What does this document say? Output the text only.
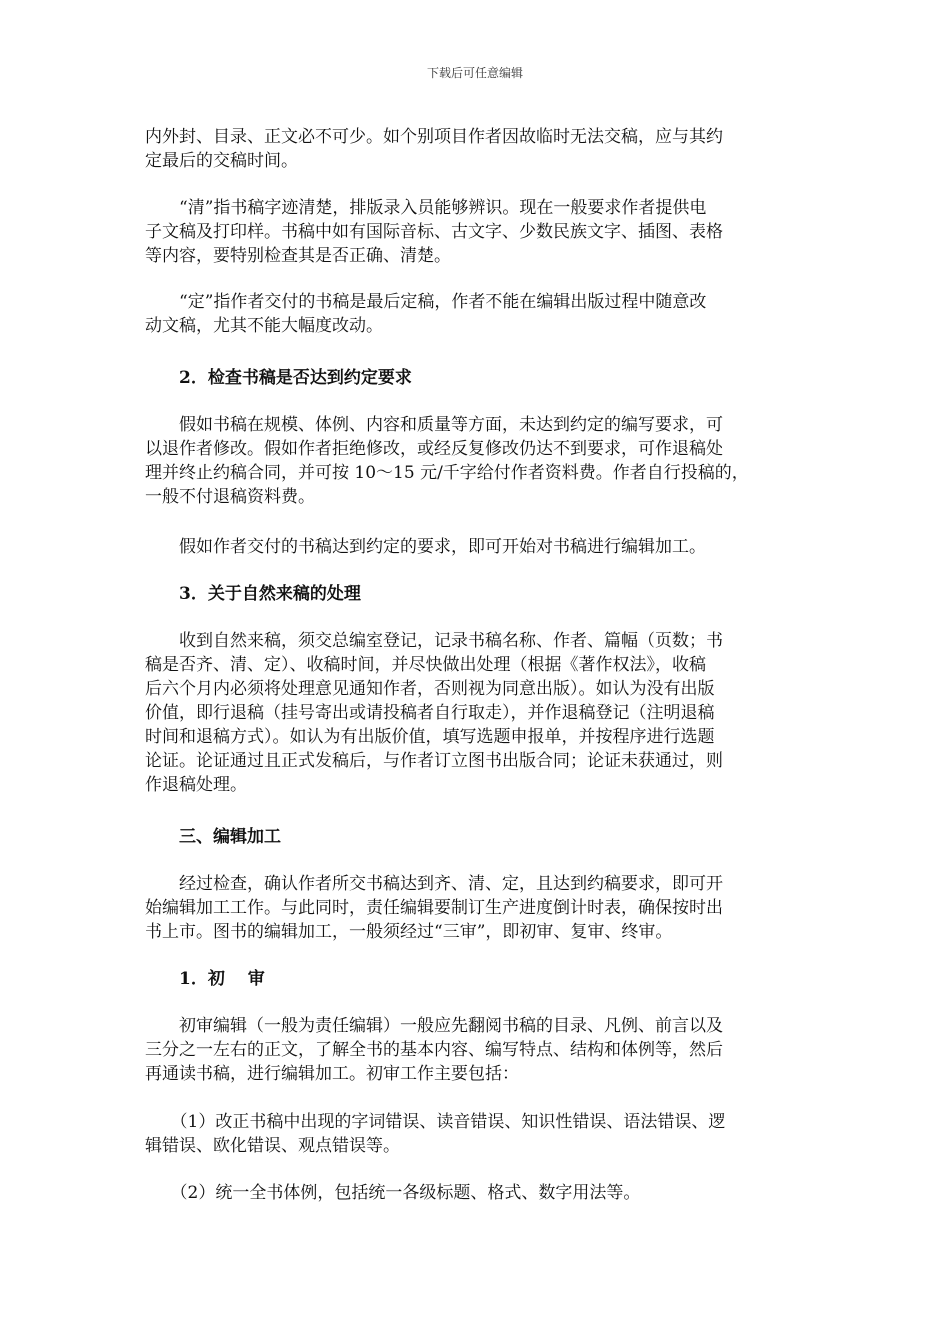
下载后可任意编辑
内外封、目录、正文必不可少。如个别项目作者因故临时无法交稿，应与其约
定最后的交稿时间。
　　“清”指书稿字迹清楚，排版录入员能够辨识。现在一般要求作者提供电
子文稿及打印样。书稿中如有国际音标、古文字、少数民族文字、插图、表格
等内容，要特别检查其是否正确、清楚。
　　“定”指作者交付的书稿是最后定稿，作者不能在编辑出版过程中随意改
动文稿，尤其不能大幅度改动。
　　2．检查书稿是否达到约定要求
　　假如书稿在规模、体例、内容和质量等方面，未达到约定的编写要求，可
以退作者修改。假如作者拒绝修改，或经反复修改仍达不到要求，可作退稿处
理并终止约稿合同，并可按 10～15 元/千字给付作者资料费。作者自行投稿的，
一般不付退稿资料费。
　　假如作者交付的书稿达到约定的要求，即可开始对书稿进行编辑加工。
　　3．关于自然来稿的处理
　　收到自然来稿，须交总编室登记，记录书稿名称、作者、篇幅（页数；书
稿是否齐、清、定）、收稿时间，并尽快做出处理（根据《著作权法》，收稿
后六个月内必须将处理意见通知作者，否则视为同意出版）。如认为没有出版
价值，即行退稿（挂号寄出或请投稿者自行取走），并作退稿登记（注明退稿
时间和退稿方式）。如认为有出版价值，填写选题申报单，并按程序进行选题
论证。论证通过且正式发稿后，与作者订立图书出版合同；论证未获通过，则
作退稿处理。
　　三、编辑加工
　　经过检查，确认作者所交书稿达到齐、清、定，且达到约稿要求，即可开
始编辑加工工作。与此同时，责任编辑要制订生产进度倒计时表，确保按时出
书上市。图书的编辑加工，一般须经过“三审”，即初审、复审、终审。
　　1．初　 审
　　初审编辑（一般为责任编辑）一般应先翻阅书稿的目录、凡例、前言以及
三分之一左右的正文，了解全书的基本内容、编写特点、结构和体例等，然后
再通读书稿，进行编辑加工。初审工作主要包括：
　　（1）改正书稿中出现的字词错误、读音错误、知识性错误、语法错误、逻
辑错误、欧化错误、观点错误等。
　　（2）统一全书体例，包括统一各级标题、格式、数字用法等。
